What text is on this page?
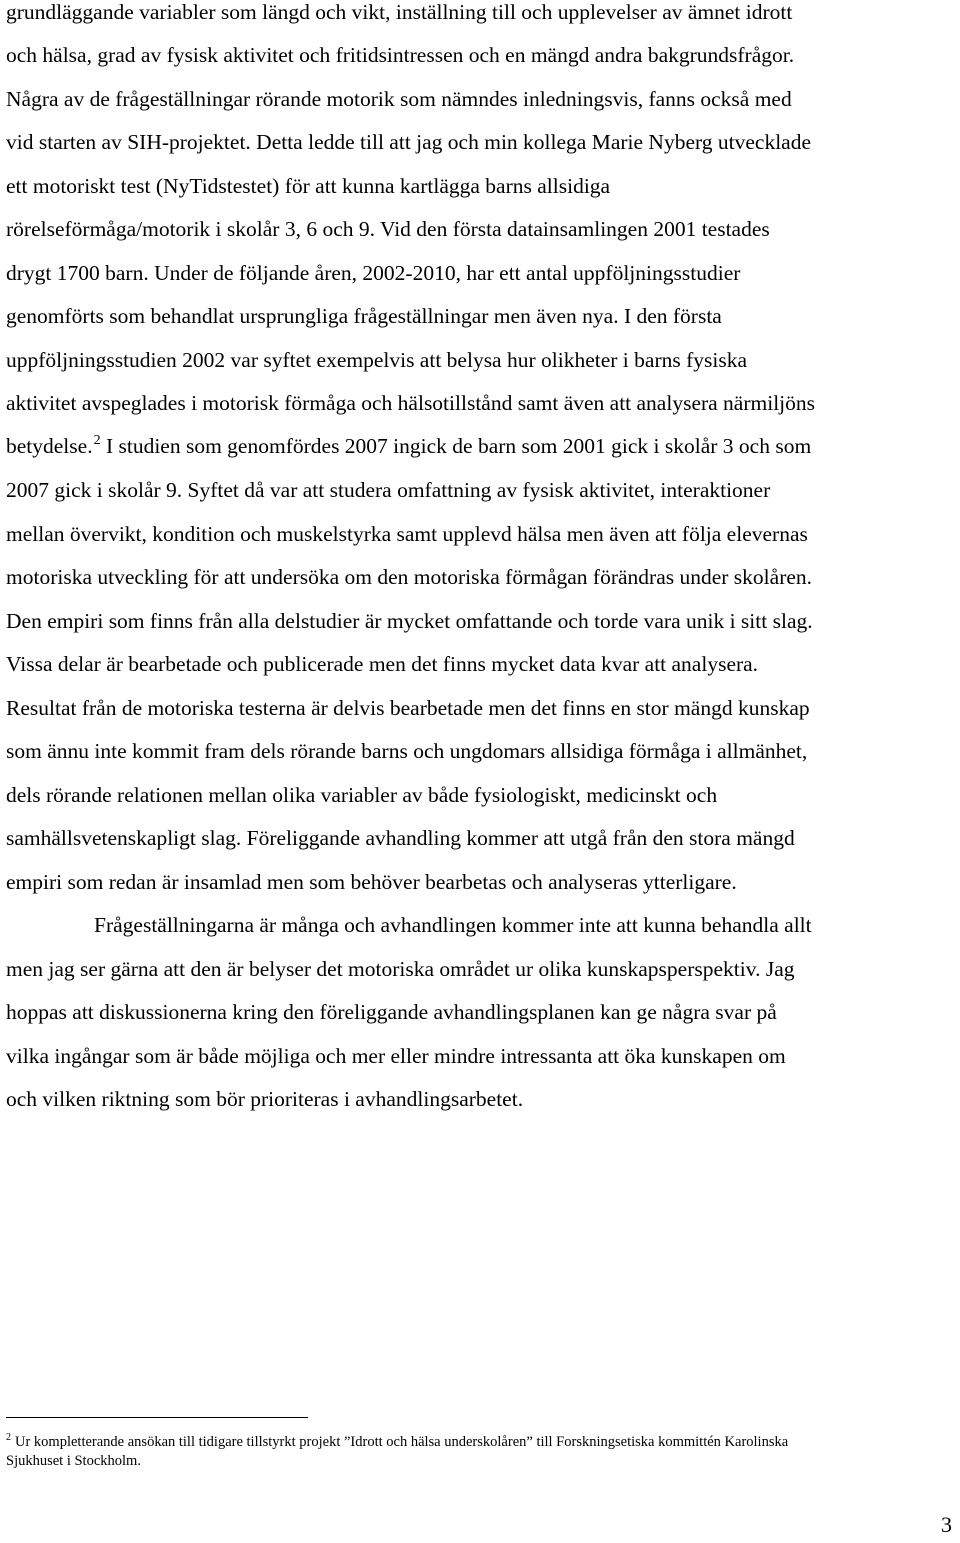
grundläggande variabler som längd och vikt, inställning till och upplevelser av ämnet idrott

och hälsa, grad av fysisk aktivitet och fritidsintressen och en mängd andra bakgrundsfrågor.

Några av de frågeställningar rörande motorik som nämndes inledningsvis, fanns också med

vid starten av SIH-projektet. Detta ledde till att jag och min kollega Marie Nyberg utvecklade

ett motoriskt test (NyTidstestet) för att kunna kartlägga barns allsidiga

rörelseförmåga/motorik i skolår 3, 6 och 9. Vid den första datainsamlingen 2001 testades

drygt 1700 barn. Under de följande åren, 2002-2010, har ett antal uppföljningsstudier

genomförts som behandlat ursprungliga frågeställningar men även nya. I den första

uppföljningsstudien 2002 var syftet exempelvis att belysa hur olikheter i barns fysiska

aktivitet avspeglades i motorisk förmåga och hälsotillstånd samt även att analysera närmiljöns

betydelse.$^2$ I studien som genomfördes 2007 ingick de barn som 2001 gick i skolår 3 och som

2007 gick i skolår 9. Syftet då var att studera omfattning av fysisk aktivitet, interaktioner

mellan övervikt, kondition och muskelstyrka samt upplevd hälsa men även att följa elevernas

motoriska utveckling för att undersöka om den motoriska förmågan förändras under skolåren.

Den empiri som finns från alla delstudier är mycket omfattande och torde vara unik i sitt slag.

Vissa delar är bearbetade och publicerade men det finns mycket data kvar att analysera.

Resultat från de motoriska testerna är delvis bearbetade men det finns en stor mängd kunskap

som ännu inte kommit fram dels rörande barns och ungdomars allsidiga förmåga i allmänhet,

dels rörande relationen mellan olika variabler av både fysiologiskt, medicinskt och

samhällsvetenskapligt slag. Föreliggande avhandling kommer att utgå från den stora mängd

empiri som redan är insamlad men som behöver bearbetas och analyseras ytterligare.

Frågeställningarna är många och avhandlingen kommer inte att kunna behandla allt

men jag ser gärna att den är belyser det motoriska området ur olika kunskapsperspektiv. Jag

hoppas att diskussionerna kring den föreliggande avhandlingsplanen kan ge några svar på

vilka ingångar som är både möjliga och mer eller mindre intressanta att öka kunskapen om

och vilken riktning som bör prioriteras i avhandlingsarbetet.

$^2$ Ur kompletterande ansökan till tidigare tillstyrkt projekt ”Idrott och hälsa underskolåren” till Forskningsetiska kommittén Karolinska

Sjukhuset i Stockholm.

3
